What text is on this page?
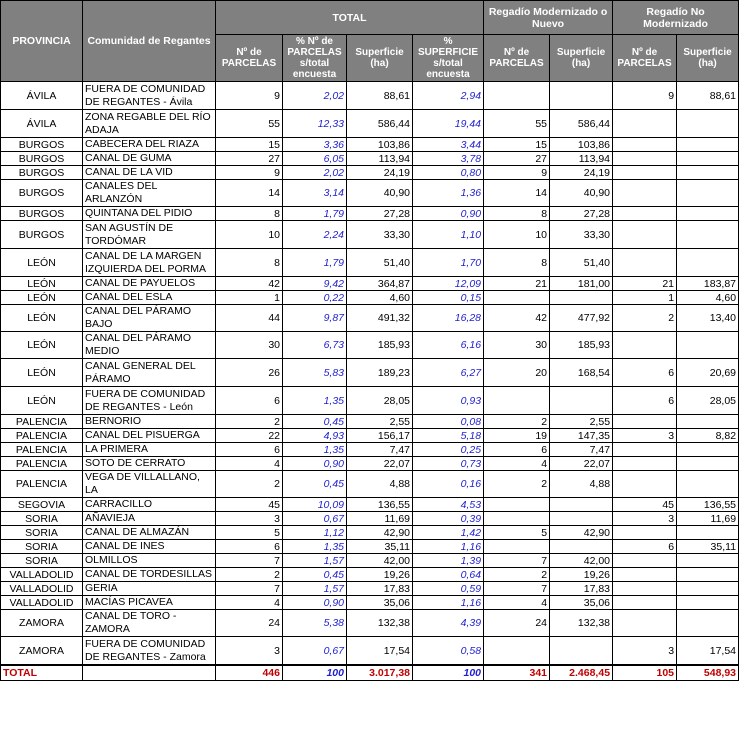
PROVINCIA	Comunidad de Regantes	TOTAL				Regadío Modernizado o Nuevo		Regadío No Modernizado	
		Nº de PARCELAS	% Nº de PARCELAS s/total encuesta	Superficie (ha)	% SUPERFICIE s/total encuesta	Nº de PARCELAS	Superficie (ha)	Nº de PARCELAS	Superficie (ha)
ÁVILA	FUERA DE COMUNIDAD DE REGANTES - Ávila	9	2,02	88,61	2,94			9	88,61
ÁVILA	ZONA REGABLE DEL RÍO ADAJA	55	12,33	586,44	19,44	55	586,44		
BURGOS	CABECERA DEL RIAZA	15	3,36	103,86	3,44	15	103,86		
BURGOS	CANAL DE GUMA	27	6,05	113,94	3,78	27	113,94		
BURGOS	CANAL DE LA VID	9	2,02	24,19	0,80	9	24,19		
BURGOS	CANALES DEL ARLANZÓN	14	3,14	40,90	1,36	14	40,90		
BURGOS	QUINTANA DEL PIDIO	8	1,79	27,28	0,90	8	27,28		
BURGOS	SAN AGUSTÍN DE TORDÓMAR	10	2,24	33,30	1,10	10	33,30		
LEÓN	CANAL DE LA MARGEN IZQUIERDA DEL PORMA	8	1,79	51,40	1,70	8	51,40		
LEÓN	CANAL DE PAYUELOS	42	9,42	364,87	12,09	21	181,00	21	183,87
LEÓN	CANAL DEL ESLA	1	0,22	4,60	0,15			1	4,60
LEÓN	CANAL DEL PÁRAMO BAJO	44	9,87	491,32	16,28	42	477,92	2	13,40
LEÓN	CANAL DEL PÁRAMO MEDIO	30	6,73	185,93	6,16	30	185,93		
LEÓN	CANAL GENERAL DEL PÁRAMO	26	5,83	189,23	6,27	20	168,54	6	20,69
LEÓN	FUERA DE COMUNIDAD DE REGANTES - León	6	1,35	28,05	0,93			6	28,05
PALENCIA	BERNORIO	2	0,45	2,55	0,08	2	2,55		
PALENCIA	CANAL DEL PISUERGA	22	4,93	156,17	5,18	19	147,35	3	8,82
PALENCIA	LA PRIMERA	6	1,35	7,47	0,25	6	7,47		
PALENCIA	SOTO DE CERRATO	4	0,90	22,07	0,73	4	22,07		
PALENCIA	VEGA DE VILLALLANO, LA	2	0,45	4,88	0,16	2	4,88		
SEGOVIA	CARRACILLO	45	10,09	136,55	4,53			45	136,55
SORIA	AÑAVIEJA	3	0,67	11,69	0,39			3	11,69
SORIA	CANAL DE ALMAZÁN	5	1,12	42,90	1,42	5	42,90		
SORIA	CANAL DE INES	6	1,35	35,11	1,16			6	35,11
SORIA	OLMILLOS	7	1,57	42,00	1,39	7	42,00		
VALLADOLID	CANAL DE TORDESILLAS	2	0,45	19,26	0,64	2	19,26		
VALLADOLID	GERIA	7	1,57	17,83	0,59	7	17,83		
VALLADOLID	MACÍAS PICAVEA	4	0,90	35,06	1,16	4	35,06		
ZAMORA	CANAL DE TORO - ZAMORA	24	5,38	132,38	4,39	24	132,38		
ZAMORA	FUERA DE COMUNIDAD DE REGANTES - Zamora	3	0,67	17,54	0,58			3	17,54
TOTAL		446	100	3.017,38	100	341	2.468,45	105	548,93
